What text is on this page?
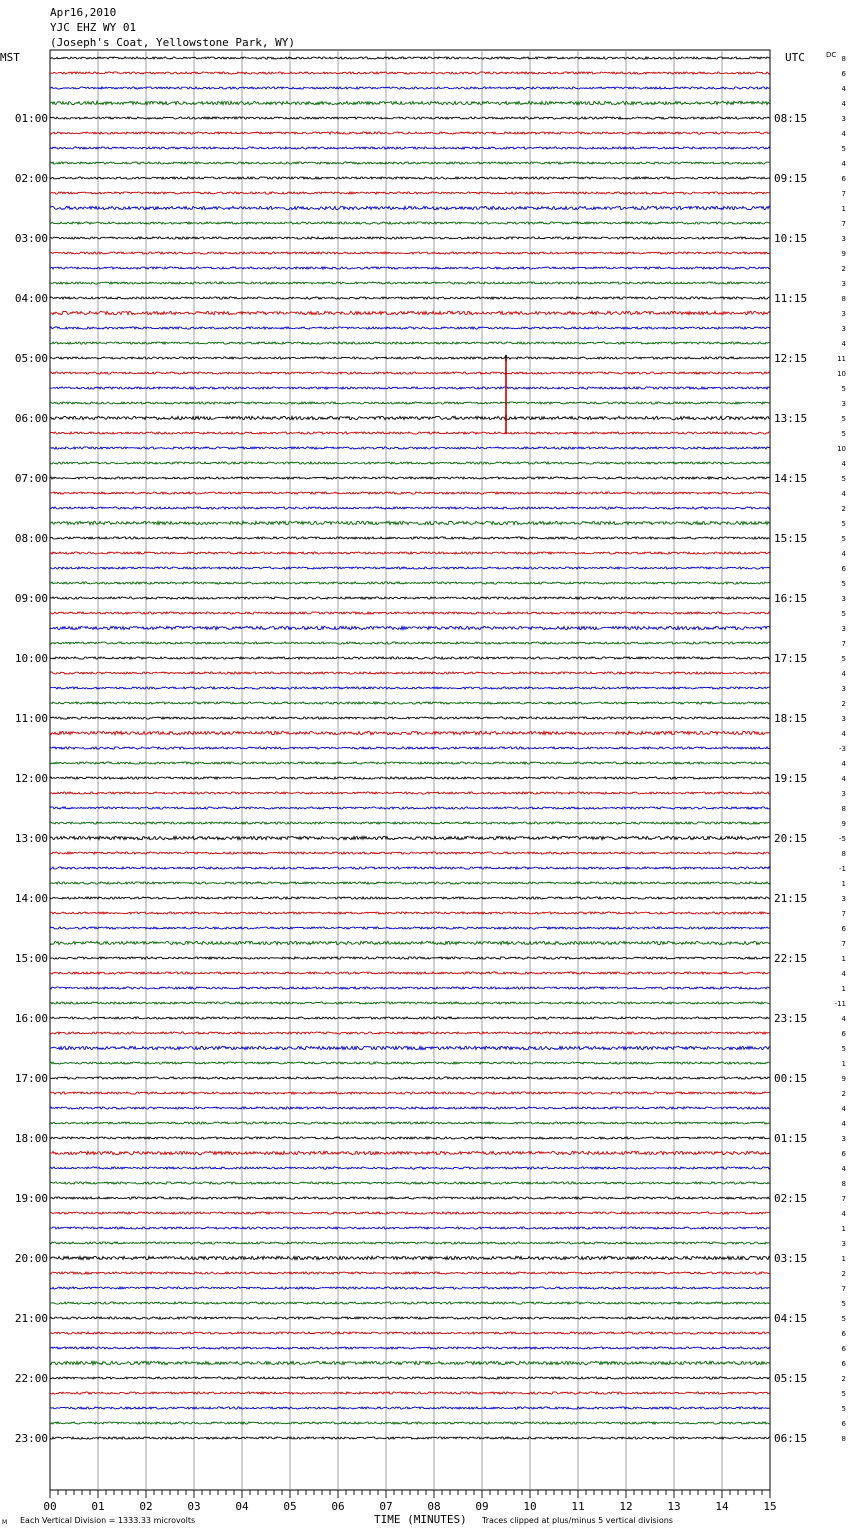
Apr16,2010
YJC EHZ WY 01
(Joseph's Coat, Yellowstone Park, WY)
MST	UTC	DC
01:00
02:00
03:00
04:00
05:00
06:00
07:00
08:00
09:00
10:00
11:00
12:00
13:00
14:00
15:00
16:00
17:00
18:00
19:00
20:00
21:00
22:00
23:00
08:15
09:15
10:15
11:15
12:15
13:15
14:15
15:15
16:15
17:15
18:15
19:15
20:15
21:15
22:15
23:15
00:15
01:15
02:15
03:15
04:15
05:15
06:15
8
6
4
4
3
4
5
4
6
7
1
7
3
9
2
3
8
3
3
4
11
10
5
3
5
5
10
4
5
4
2
5
5
4
6
5
3
5
3
7
5
4
3
2
3
4
-3
4
4
3
8
9
-5
8
-1
1
3
7
6
7
1
4
1
-11
4
6
5
1
9
2
4
4
3
6
4
8
7
4
1
3
1
2
7
5
5
6
6
6
2
5
5
6
8
00	01	02	03	04	05	06	07	08	09	10	11	12	13	14	15
M Each Vertical Division = 1333.33 microvolts	TIME (MINUTES) Traces clipped at plus/minus 5 vertical divisions
